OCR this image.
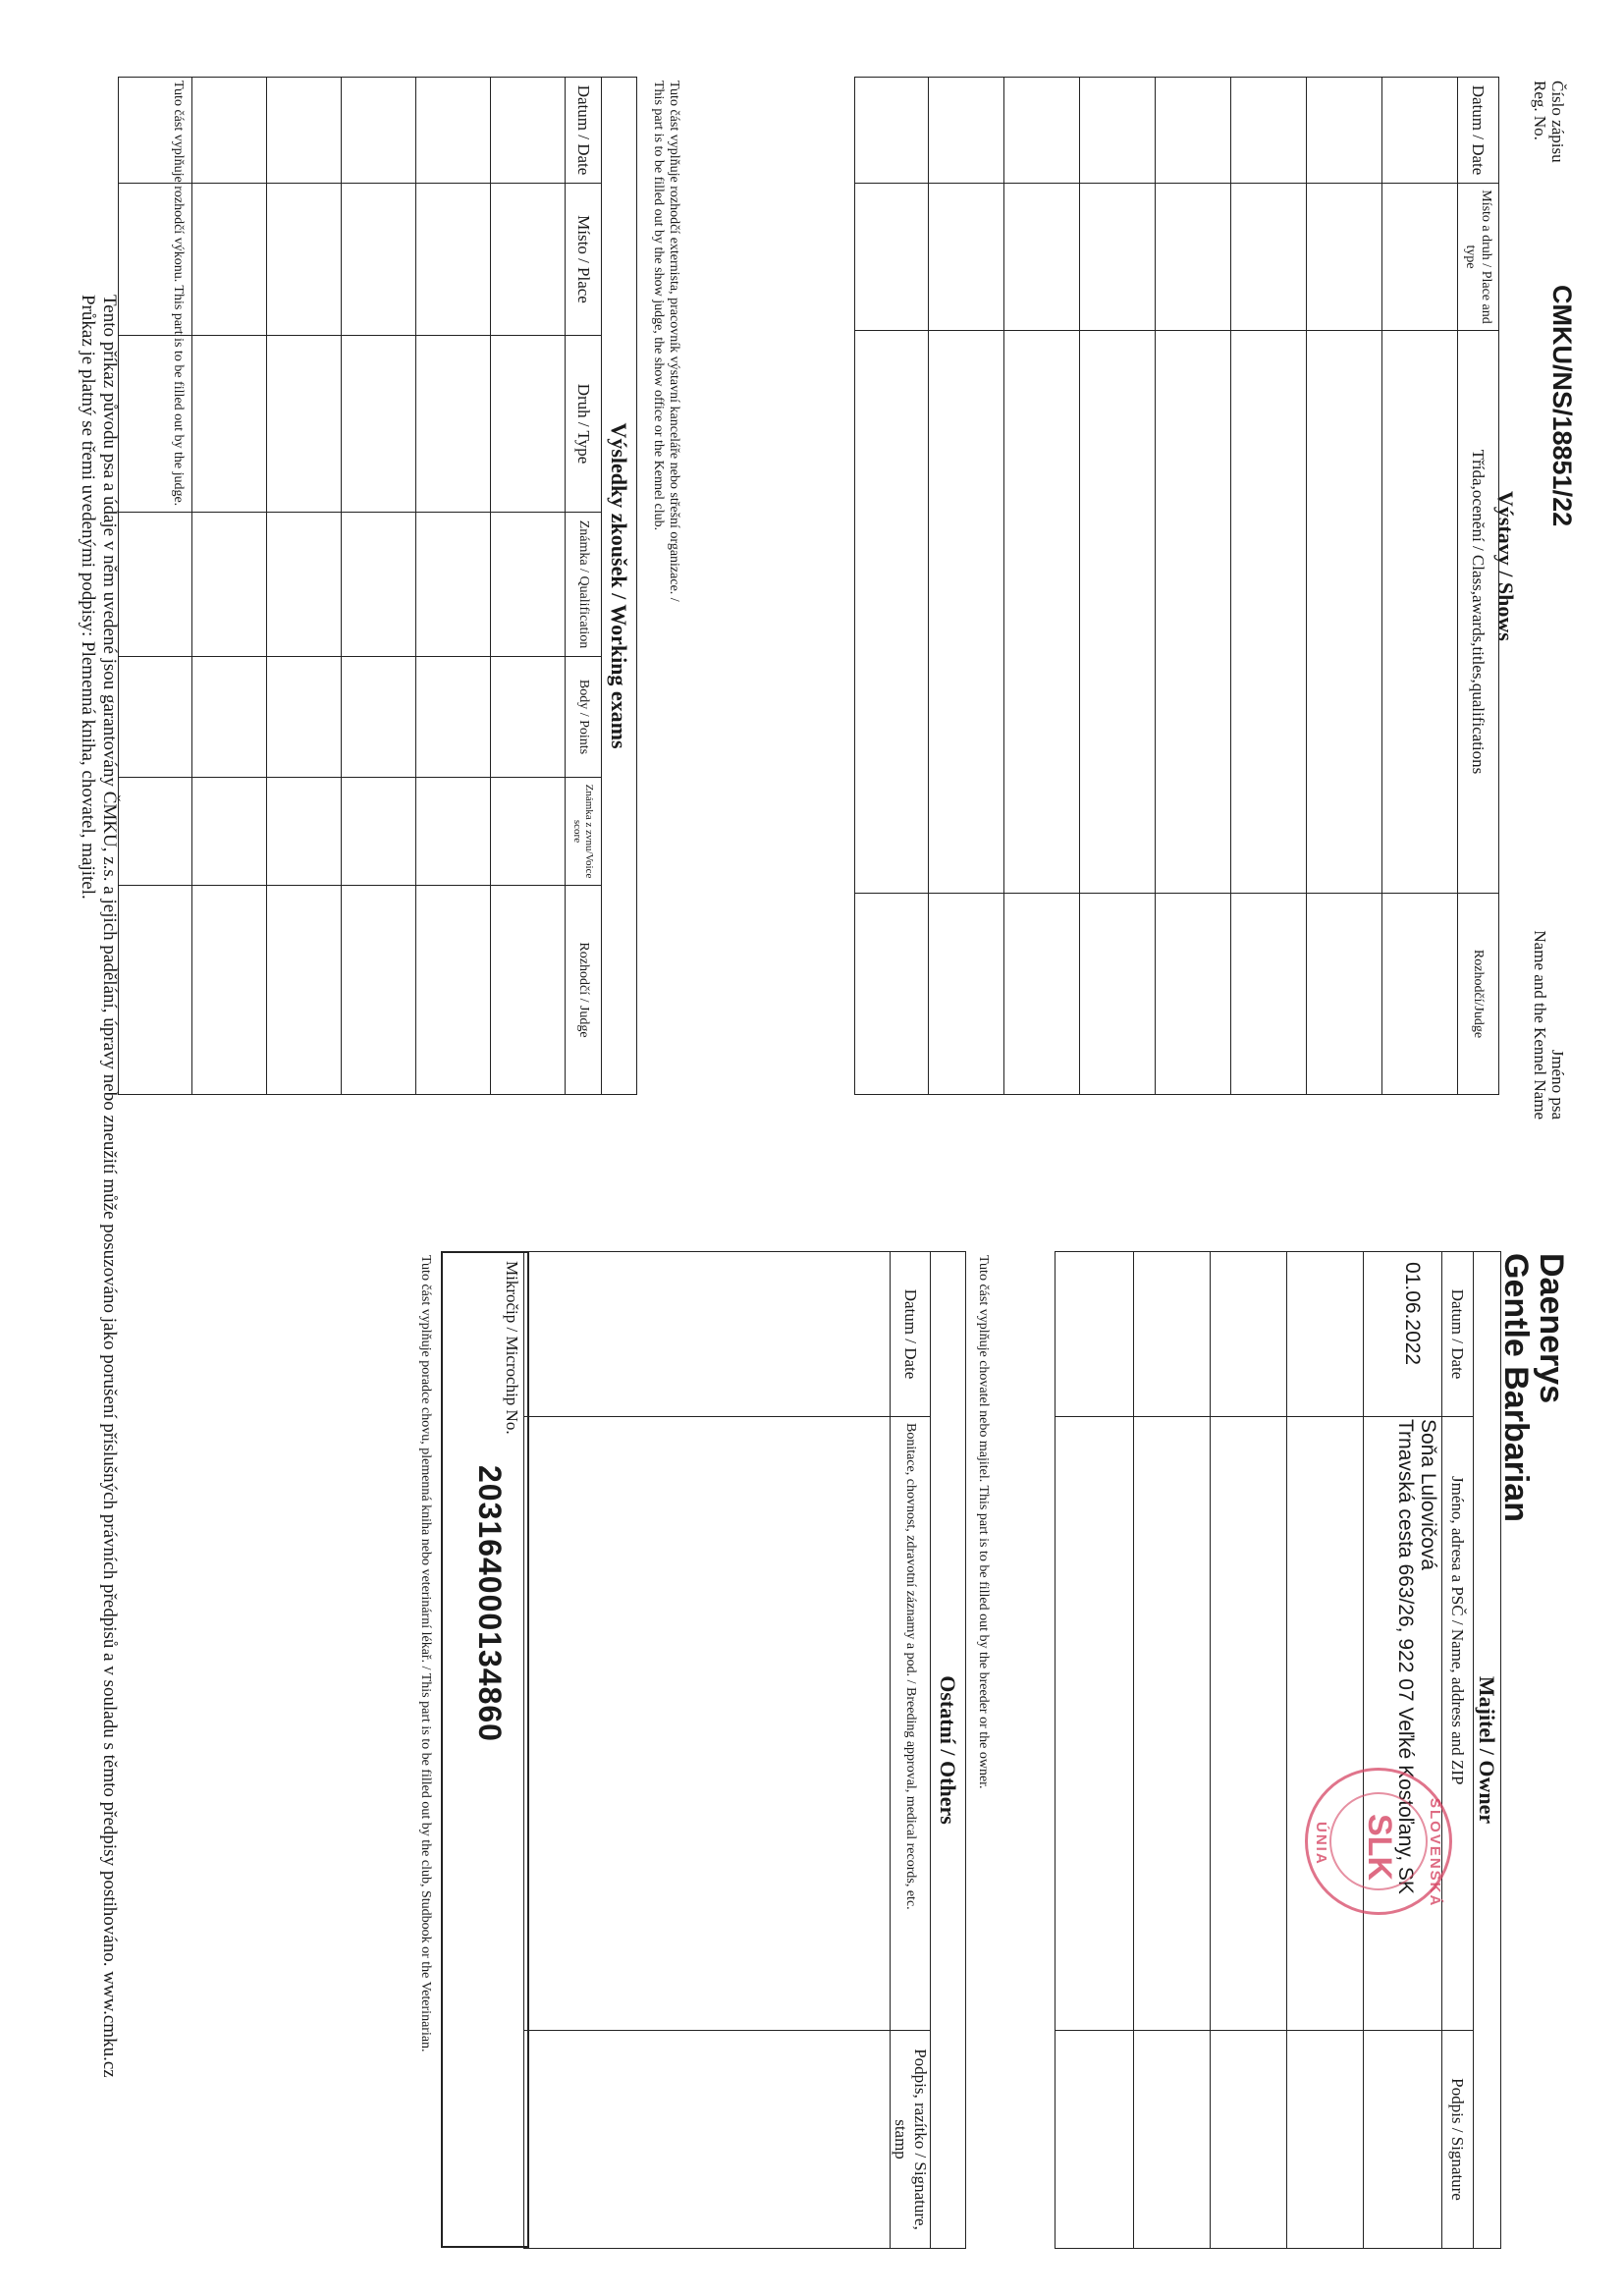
Číslo zápisu
Reg. No.
CMKU/NS/18851/22
Jméno psa
Name and the Kennel Name
Výstavy / Shows
Datum / Date	Místo a druh / Place and type	Třída,ocenění / Class,awards,titles,qualifications	Rozhodčí/Judge

Tuto část vyplňuje rozhodčí externista, pracovník výstavní kanceláře nebo střešní organizace. /
This part is to be filled out by the show judge, the show office or the Kennel club.
Výsledky zkoušek / Working exams						
Datum / Date	Místo / Place	Druh / Type	Známka / Qualification	Body / Points	Známka z zvnu/Voice score	Rozhodčí / Judge

Tuto část vyplňuje rozhodčí výkonu. This part is to be filled out by the judge.
Daenerys
Gentle Barbarian
Majitel / Owner		
Datum / Date	Jméno, adresa a PSČ / Name, address and ZIP	Podpis / Signature
01.06.2022	Soňa Lulovičová
Trnavská cesta 663/26, 922 07 Veľké Kostoľany, SK	

		SLOVENSKÁ
SLK
ÚNIA
Tuto část vyplňuje chovatel nebo majitel. This part is to be filled out by the breeder or the owner.
Ostatní / Others		
Datum / Date	Bonitace, chovnost, zdravotní záznamy a pod. / Breeding approval, medical records, etc.	Podpis, razítko / Signature, stamp

Mikročip / Microchip No.
203164000134860
Tuto část vyplňuje poradce chovu, plemenná kniha nebo veterinární lékař. / This part is to be filled out by the club, Studbook or the Veterinarian.
Tento příkaz původu psa a údaje v něm uvedené jsou garantovány ČMKU, z.s. a jejich padělání, úpravy nebo zneužití může posuzováno jako porušení příslušných právních předpisů a v souladu s těmto předpisy postihováno. www.cmku.cz
Průkaz je platný se třemi uvedenými podpisy: Plemenná kniha, chovatel, majitel.
